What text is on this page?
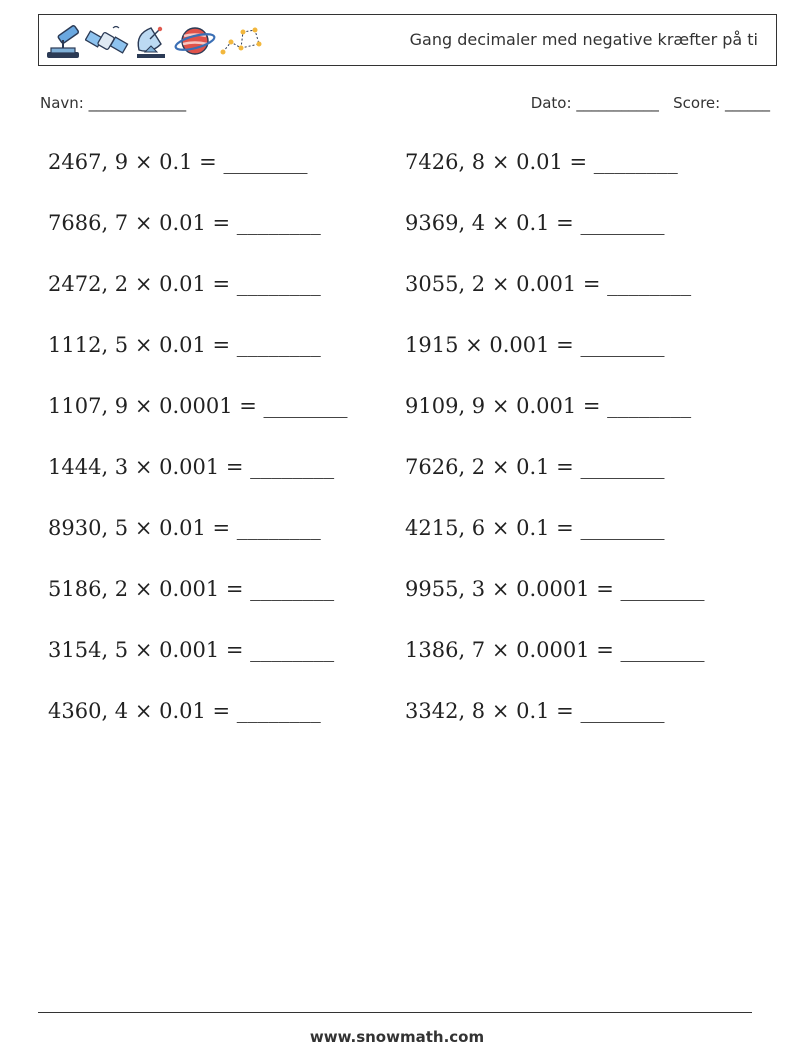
Gang decimaler med negative kræfter på ti
Navn: _____________	Dato: ___________ Score: ______
2467, 9 × 0.1 = ________
7686, 7 × 0.01 = ________
2472, 2 × 0.01 = ________
1112, 5 × 0.01 = ________
1107, 9 × 0.0001 = ________
1444, 3 × 0.001 = ________
8930, 5 × 0.01 = ________
5186, 2 × 0.001 = ________
3154, 5 × 0.001 = ________
4360, 4 × 0.01 = ________
7426, 8 × 0.01 = ________
9369, 4 × 0.1 = ________
3055, 2 × 0.001 = ________
1915 × 0.001 = ________
9109, 9 × 0.001 = ________
7626, 2 × 0.1 = ________
4215, 6 × 0.1 = ________
9955, 3 × 0.0001 = ________
1386, 7 × 0.0001 = ________
3342, 8 × 0.1 = ________
www.snowmath.com
